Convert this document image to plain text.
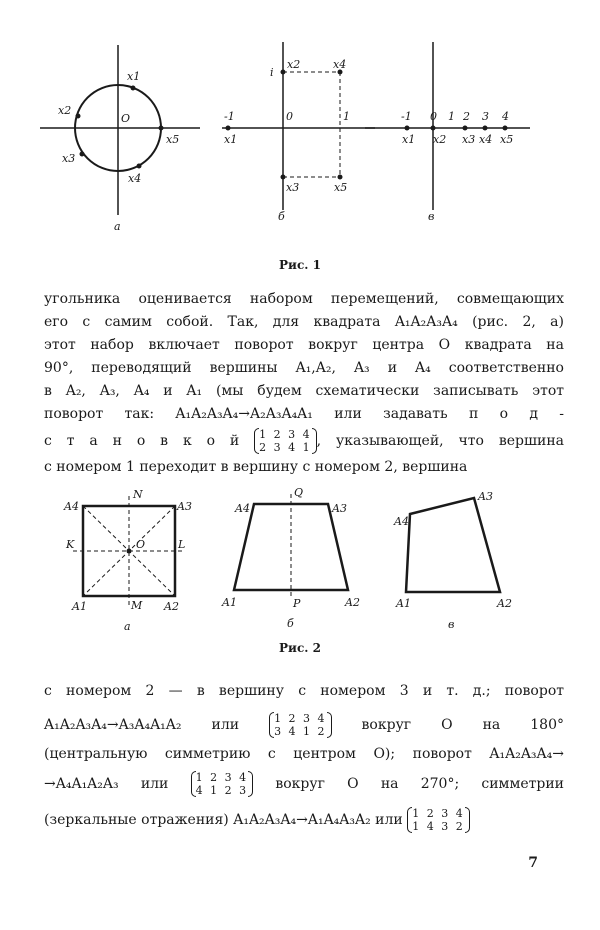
x1
x2
x3
x4
x5
O
а
-1	0	1
i
x1
x2
x3
x4
x5
б
-1 0 1 2 3 4
x1 x2 x3 x4 x5
в
Рис. 1

угольника оценивается набором перемещений, совмещающих

его с самим собой. Так, для квадрата A₁A₂A₃A₄ (рис. 2, а)

этот набор включает поворот вокруг центра O квадрата на

90°, переводящий вершины A₁,A₂, A₃ и A₄ соответственно

в A₂, A₃, A₄ и A₁ (мы будем схематически записывать этот

поворот так: A₁A₂A₃A₄→A₂A₃A₄A₁ или задавать п о д -

с т а н о в к о й 1 2 3 4
2 3 4 1 , указывающей, что вершина

с номером 1 переходит в вершину с номером 2, вершина

A4	A3
A1	A2
N
M
K	L
O
а
A4	A3
A1	A2
Q
P
б
A4
A3
A1	A2
в
Рис. 2

с номером 2 — в вершину с номером 3 и т. д.; поворот

A₁A₂A₃A₄→A₃A₄A₁A₂ или	1 2 3 4
3 4 1 2	вокруг O на 180°

(центральную симметрию с центром O); поворот A₁A₂A₃A₄→

→A₄A₁A₂A₃ или 1 2 3 4
4 1 2 3 вокруг O на 270°; симметрии

(зеркальные отражения) A₁A₂A₃A₄→A₁A₄A₃A₂ или 1 2 3 4
1 4 3 2

7
